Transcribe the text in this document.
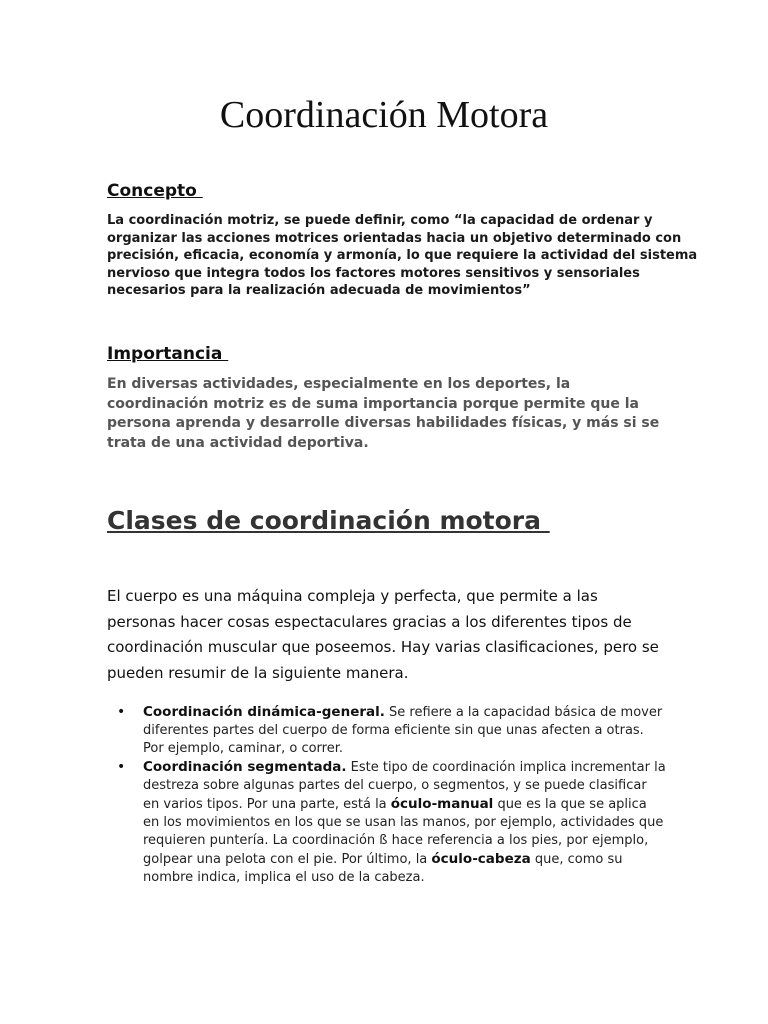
Coordinación Motora
Concepto

La coordinación motriz, se puede definir, como “la capacidad de ordenar y organizar las acciones motrices orientadas hacia un objetivo determinado con precisión, eficacia, economía y armonía, lo que requiere la actividad del sistema nervioso que integra todos los factores motores sensitivos y sensoriales necesarios para la realización adecuada de movimientos”

Importancia

En diversas actividades, especialmente en los deportes, la coordinación motriz es de suma importancia porque permite que la persona aprenda y desarrolle diversas habilidades físicas, y más si se trata de una actividad deportiva.

Clases de coordinación motora

El cuerpo es una máquina compleja y perfecta, que permite a las personas hacer cosas espectaculares gracias a los diferentes tipos de coordinación muscular que poseemos. Hay varias clasificaciones, pero se pueden resumir de la siguiente manera.

• Coordinación dinámica-general. Se refiere a la capacidad básica de mover diferentes partes del cuerpo de forma eficiente sin que unas afecten a otras. Por ejemplo, caminar, o correr.
• Coordinación segmentada. Este tipo de coordinación implica incrementar la destreza sobre algunas partes del cuerpo, o segmentos, y se puede clasificar en varios tipos. Por una parte, está la óculo-manual que es la que se aplica en los movimientos en los que se usan las manos, por ejemplo, actividades que requieren puntería. La coordinación ß hace referencia a los pies, por ejemplo, golpear una pelota con el pie. Por último, la óculo-cabeza que, como su nombre indica, implica el uso de la cabeza.
